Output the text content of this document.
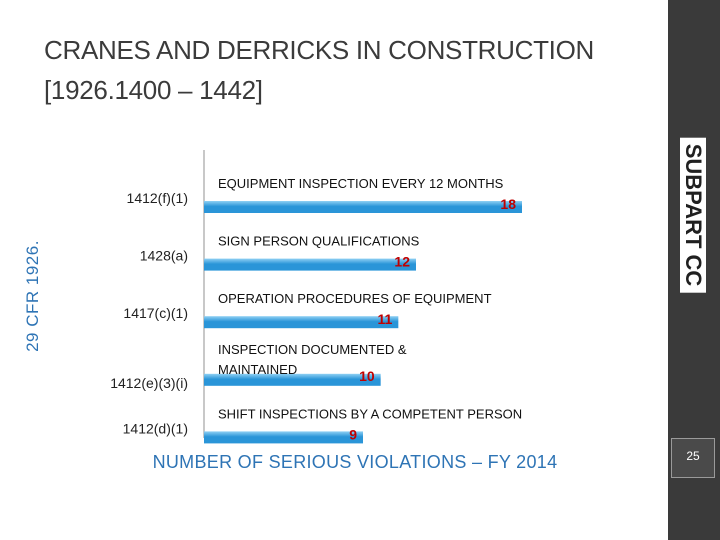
CRANES AND DERRICKS IN CONSTRUCTION
[1926.1400 – 1442]
SUBPART CC
29 CFR 1926.
1412(f)(1)
EQUIPMENT INSPECTION EVERY 12 MONTHS
18
1428(a)
SIGN PERSON QUALIFICATIONS
12
1417(c)(1)
OPERATION PROCEDURES OF EQUIPMENT
11
1412(e)(3)(i)
INSPECTION DOCUMENTED &
MAINTAINED	10
1412(d)(1)
SHIFT INSPECTIONS BY A COMPETENT PERSON
9
25
NUMBER OF SERIOUS VIOLATIONS – FY 2014
